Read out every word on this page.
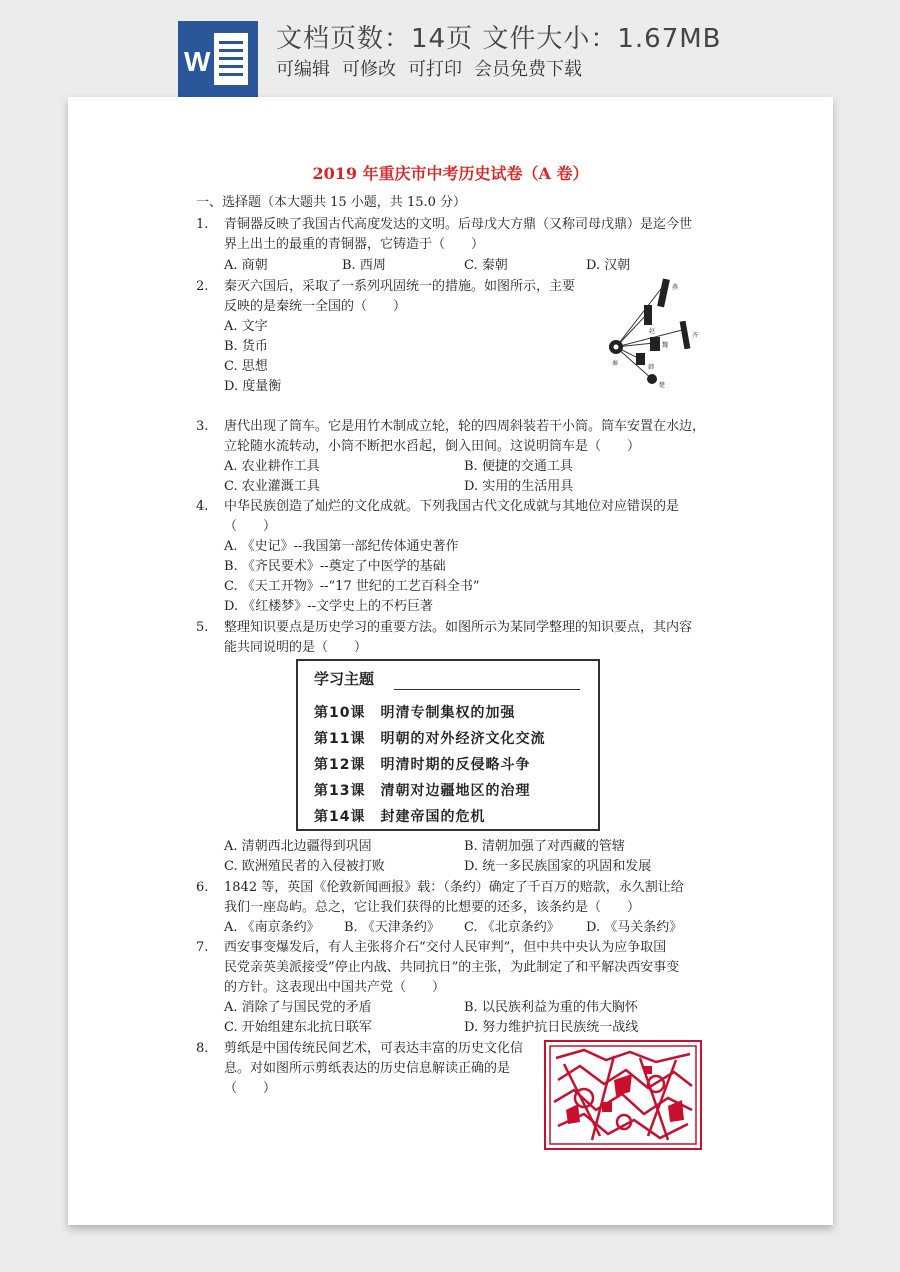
W
文档页数：14页 文件大小：1.67MB
可编辑 可修改 可打印 会员免费下载
2019 年重庆市中考历史试卷（A 卷）
一、选择题（本大题共 15 小题，共 15.0 分）
1. 青铜器反映了我国古代高度发达的文明。后母戊大方鼎（又称司母戊鼎）是迄今世
界上出土的最重的青铜器，它铸造于（　　）
A. 商朝	B. 西周	C. 秦朝	D. 汉朝
2. 秦灭六国后，采取了一系列巩固统一的措施。如图所示，主要
反映的是秦统一全国的（　　）
A. 文字
B. 货币
C. 思想
D. 度量衡
燕
赵
齐
魏
秦
韩
楚
3. 唐代出现了筒车。它是用竹木制成立轮，轮的四周斜装若干小筒。筒车安置在水边，
立轮随水流转动，小筒不断把水舀起，倒入田间。这说明筒车是（　　）
A. 农业耕作工具	B. 便捷的交通工具
C. 农业灌溉工具	D. 实用的生活用具
4. 中华民族创造了灿烂的文化成就。下列我国古代文化成就与其地位对应错误的是
（　　）
A. 《史记》--我国第一部纪传体通史著作
B. 《齐民要术》--奠定了中医学的基础
C. 《天工开物》--“17 世纪的工艺百科全书”
D. 《红楼梦》--文学史上的不朽巨著
5. 整理知识要点是历史学习的重要方法。如图所示为某同学整理的知识要点，其内容
能共同说明的是（　　）
学习主题
第10课　明清专制集权的加强
第11课　明朝的对外经济文化交流
第12课　明清时期的反侵略斗争
第13课　清朝对边疆地区的治理
第14课　封建帝国的危机
A. 清朝西北边疆得到巩固	B. 清朝加强了对西藏的管辖
C. 欧洲殖民者的入侵被打败	D. 统一多民族国家的巩固和发展
6. 1842 等，英国《伦敦新闻画报》载：（条约）确定了千百万的赔款，永久割让给
我们一座岛屿。总之，它让我们获得的比想要的还多，该条约是（　　）
A. 《南京条约》 B. 《天津条约》 C. 《北京条约》 D. 《马关条约》
7. 西安事变爆发后，有人主张将介石“交付人民审判”，但中共中央认为应争取国
民党亲英美派接受”停止内战、共同抗日”的主张，为此制定了和平解决西安事变
的方针。这表现出中国共产党（　　）
A. 消除了与国民党的矛盾	B. 以民族利益为重的伟大胸怀
C. 开始组建东北抗日联军	D. 努力维护抗日民族统一战线
8. 剪纸是中国传统民间艺术，可表达丰富的历史文化信
息。对如图所示剪纸表达的历史信息解读正确的是
（　　）
